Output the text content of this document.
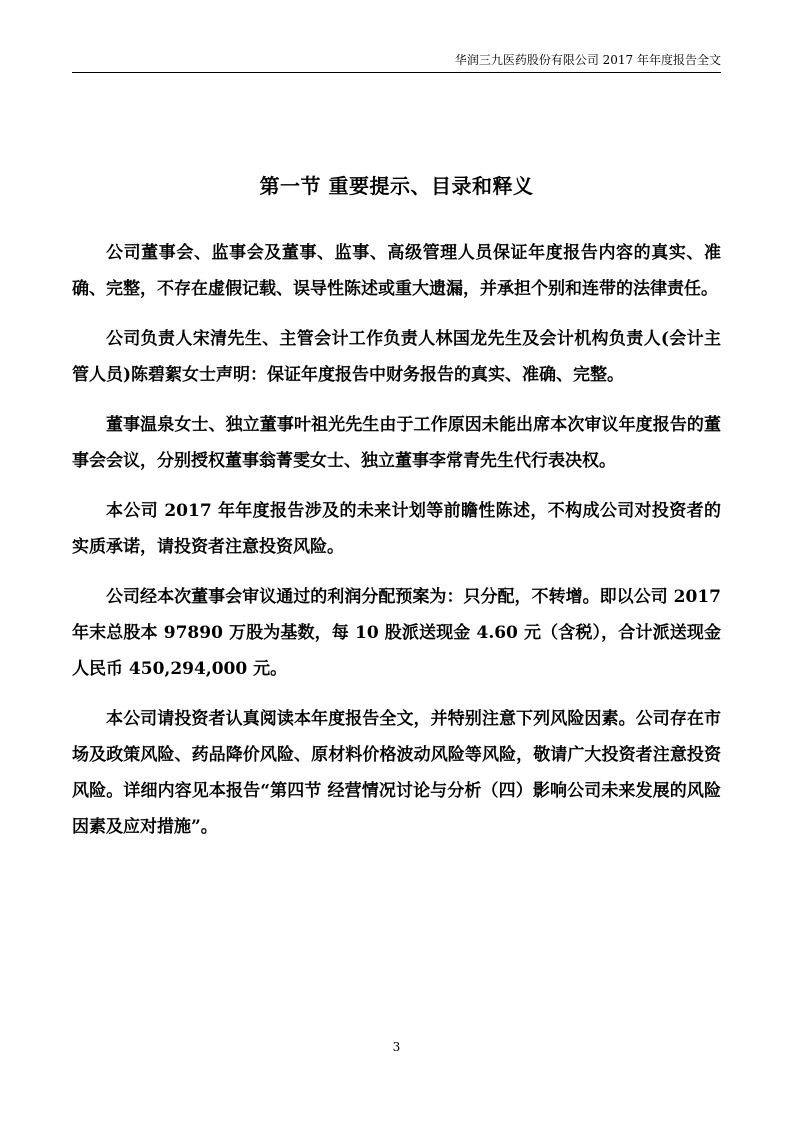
华润三九医药股份有限公司 2017 年年度报告全文
第一节 重要提示、目录和释义

公司董事会、监事会及董事、监事、高级管理人员保证年度报告内容的真实、准确、完整，不存在虚假记载、误导性陈述或重大遗漏，并承担个别和连带的法律责任。

公司负责人宋清先生、主管会计工作负责人林国龙先生及会计机构负责人(会计主管人员)陈碧絮女士声明：保证年度报告中财务报告的真实、准确、完整。

董事温泉女士、独立董事叶祖光先生由于工作原因未能出席本次审议年度报告的董事会会议，分别授权董事翁菁雯女士、独立董事李常青先生代行表决权。

本公司 2017 年年度报告涉及的未来计划等前瞻性陈述，不构成公司对投资者的实质承诺，请投资者注意投资风险。

公司经本次董事会审议通过的利润分配预案为：只分配，不转增。即以公司 2017 年末总股本 97890 万股为基数，每 10 股派送现金 4.60 元（含税），合计派送现金人民币 450,294,000 元。

本公司请投资者认真阅读本年度报告全文，并特别注意下列风险因素。公司存在市场及政策风险、药品降价风险、原材料价格波动风险等风险，敬请广大投资者注意投资风险。详细内容见本报告“第四节 经营情况讨论与分析（四）影响公司未来发展的风险因素及应对措施”。

3
